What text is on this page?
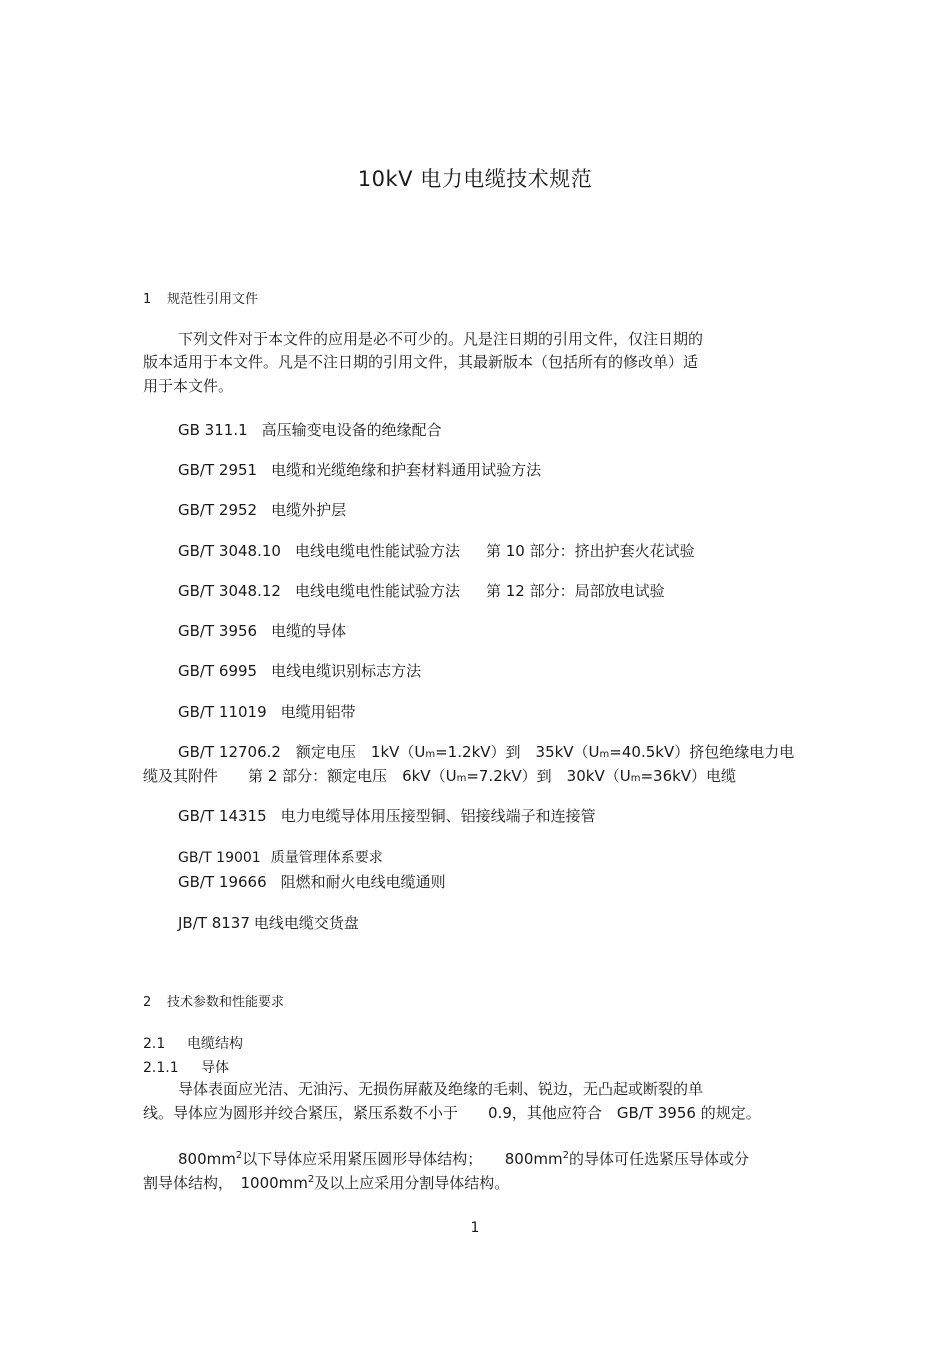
10kV 电力电缆技术规范
1 规范性引用文件
下列文件对于本文件的应用是必不可少的。凡是注日期的引用文件，仅注日期的
版本适用于本文件。凡是不注日期的引用文件，其最新版本（包括所有的修改单）适
用于本文件。
GB 311.1 高压输变电设备的绝缘配合
GB/T 2951 电缆和光缆绝缘和护套材料通用试验方法
GB/T 2952 电缆外护层
GB/T 3048.10 电线电缆电性能试验方法 第 10 部分：挤出护套火花试验
GB/T 3048.12 电线电缆电性能试验方法 第 12 部分：局部放电试验
GB/T 3956 电缆的导体
GB/T 6995 电线电缆识别标志方法
GB/T 11019 电缆用铝带
GB/T 12706.2　额定电压　1kV（Um=1.2kV）到　35kV（Um=40.5kV）挤包绝缘电力电
缆及其附件　　第 2 部分：额定电压　6kV（Um=7.2kV）到　30kV（Um=36kV）电缆
GB/T 14315 电力电缆导体用压接型铜、铝接线端子和连接管
GB/T 19001 质量管理体系要求
GB/T 19666 阻燃和耐火电线电缆通则
JB/T 8137 电线电缆交货盘
2 技术参数和性能要求
2.1 电缆结构
2.1.1 导体
导体表面应光洁、无油污、无损伤屏蔽及绝缘的毛刺、锐边，无凸起或断裂的单
线。导体应为圆形并绞合紧压，紧压系数不小于　　0.9，其他应符合　GB/T 3956 的规定。
$800mm^2$以下导体应采用紧压圆形导体结构；　　$800mm^2$的导体可任选紧压导体或分
割导体结构，　$1000mm^2$及以上应采用分割导体结构。
1
